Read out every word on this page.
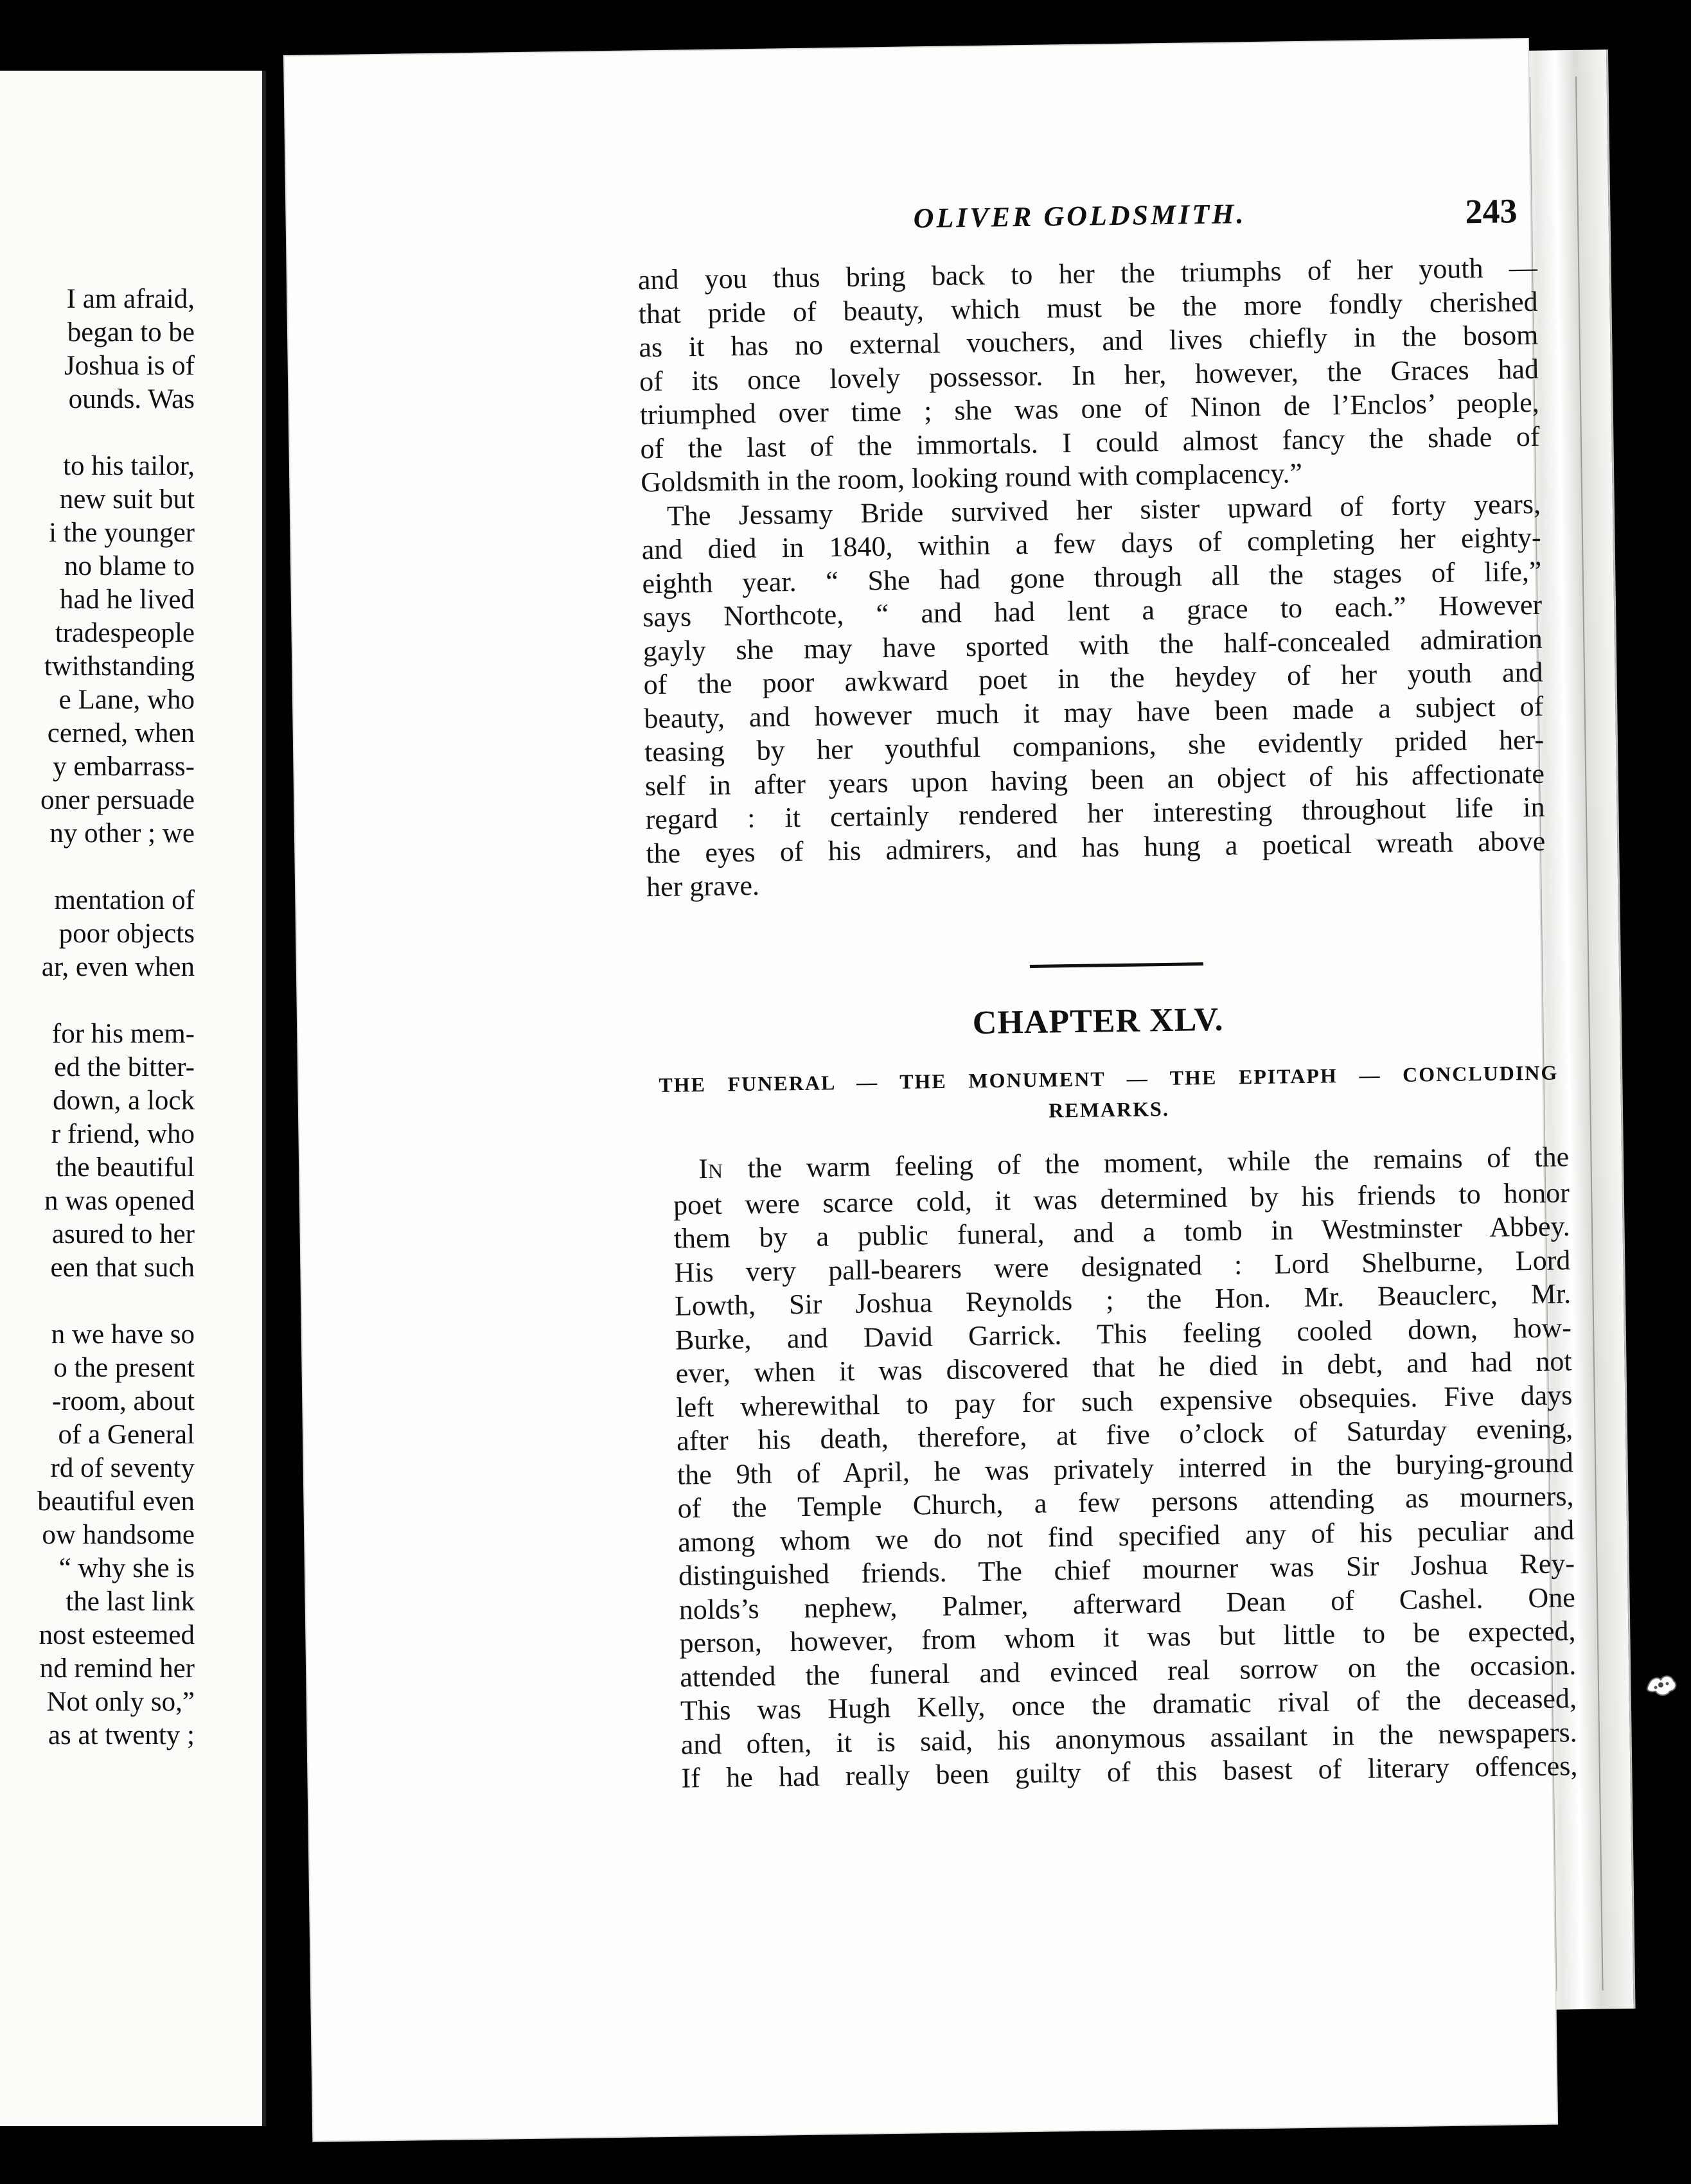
I am afraid,
began to be
Joshua is of
ounds. Was
to his tailor,
new suit but
i the younger
no blame to
had he lived
tradespeople
twithstanding
e Lane, who
cerned, when
y embarrass-
oner persuade
ny other ; we
mentation of
poor objects
ar, even when
for his mem-
ed the bitter-
down, a lock
r friend, who
the beautiful
n was opened
asured to her
een that such
n we have so
o the present
-room, about
of a General
rd of seventy
beautiful even
ow handsome
“ why she is
the last link
nost esteemed
nd remind her
Not only so,”
as at twenty ;
OLIVER GOLDSMITH.	243
and you thus bring back to her the triumphs of her youth —
that pride of beauty, which must be the more fondly cherished
as it has no external vouchers, and lives chiefly in the bosom
of its once lovely possessor. In her, however, the Graces had
triumphed over time ; she was one of Ninon de l’Enclos’ people,
of the last of the immortals. I could almost fancy the shade of
Goldsmith in the room, looking round with complacency.”
The Jessamy Bride survived her sister upward of forty years,
and died in 1840, within a few days of completing her eighty-
eighth year. “ She had gone through all the stages of life,”
says Northcote, “ and had lent a grace to each.” However
gayly she may have sported with the half-concealed admiration
of the poor awkward poet in the heydey of her youth and
beauty, and however much it may have been made a subject of
teasing by her youthful companions, she evidently prided her-
self in after years upon having been an object of his affectionate
regard : it certainly rendered her interesting throughout life in
the eyes of his admirers, and has hung a poetical wreath above
her grave.
CHAPTER XLV.
THE FUNERAL — THE MONUMENT — THE EPITAPH — CONCLUDING
REMARKS.
IN the warm feeling of the moment, while the remains of the
poet were scarce cold, it was determined by his friends to honor
them by a public funeral, and a tomb in Westminster Abbey.
His very pall-bearers were designated : Lord Shelburne, Lord
Lowth, Sir Joshua Reynolds ; the Hon. Mr. Beauclerc, Mr.
Burke, and David Garrick. This feeling cooled down, how-
ever, when it was discovered that he died in debt, and had not
left wherewithal to pay for such expensive obsequies. Five days
after his death, therefore, at five o’clock of Saturday evening,
the 9th of April, he was privately interred in the burying-ground
of the Temple Church, a few persons attending as mourners,
among whom we do not find specified any of his peculiar and
distinguished friends. The chief mourner was Sir Joshua Rey-
nolds’s nephew, Palmer, afterward Dean of Cashel. One
person, however, from whom it was but little to be expected,
attended the funeral and evinced real sorrow on the occasion.
This was Hugh Kelly, once the dramatic rival of the deceased,
and often, it is said, his anonymous assailant in the newspapers.
If he had really been guilty of this basest of literary offences,
